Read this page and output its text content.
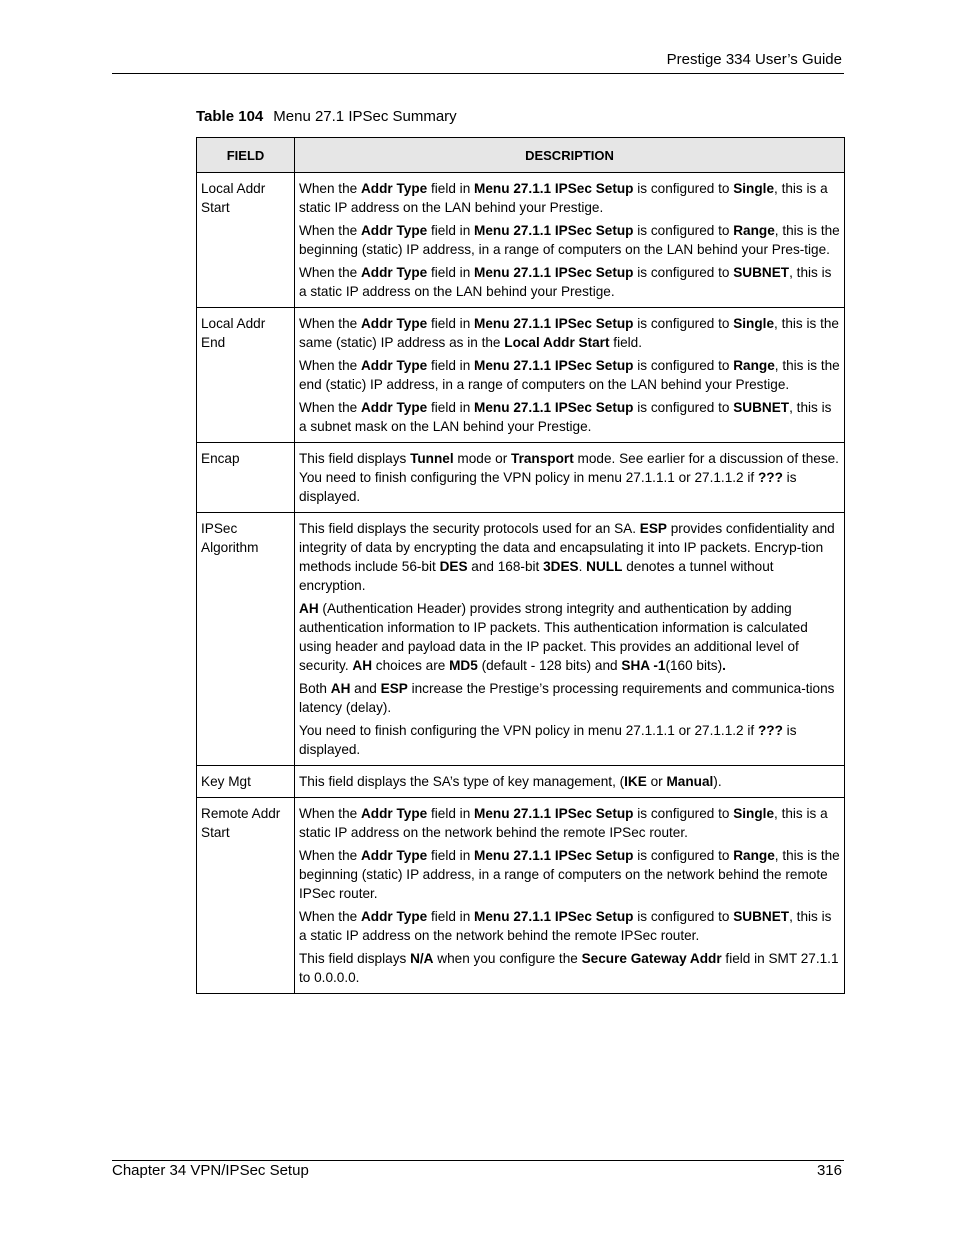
Prestige 334 User’s Guide
Table 104 Menu 27.1 IPSec Summary
FIELD	DESCRIPTION
Local Addr Start	When the Addr Type field in Menu 27.1.1 IPSec Setup is configured to Single, this is a static IP address on the LAN behind your Prestige.

When the Addr Type field in Menu 27.1.1 IPSec Setup is configured to Range, this is the beginning (static) IP address, in a range of computers on the LAN behind your Pres-tige.

When the Addr Type field in Menu 27.1.1 IPSec Setup is configured to SUBNET, this is a static IP address on the LAN behind your Prestige.

Local Addr End	When the Addr Type field in Menu 27.1.1 IPSec Setup is configured to Single, this is the same (static) IP address as in the Local Addr Start field.

When the Addr Type field in Menu 27.1.1 IPSec Setup is configured to Range, this is the end (static) IP address, in a range of computers on the LAN behind your Prestige.

When the Addr Type field in Menu 27.1.1 IPSec Setup is configured to SUBNET, this is a subnet mask on the LAN behind your Prestige.

Encap	This field displays Tunnel mode or Transport mode. See earlier for a discussion of these. You need to finish configuring the VPN policy in menu 27.1.1.1 or 27.1.1.2 if ??? is displayed.

IPSec Algorithm	This field displays the security protocols used for an SA. ESP provides confidentiality and integrity of data by encrypting the data and encapsulating it into IP packets. Encryp-tion methods include 56-bit DES and 168-bit 3DES. NULL denotes a tunnel without encryption.

AH (Authentication Header) provides strong integrity and authentication by adding authentication information to IP packets. This authentication information is calculated using header and payload data in the IP packet. This provides an additional level of security. AH choices are MD5 (default - 128 bits) and SHA -1(160 bits).

Both AH and ESP increase the Prestige’s processing requirements and communica-tions latency (delay).

You need to finish configuring the VPN policy in menu 27.1.1.1 or 27.1.1.2 if ??? is displayed.

Key Mgt	This field displays the SA’s type of key management, (IKE or Manual).

Remote Addr Start	When the Addr Type field in Menu 27.1.1 IPSec Setup is configured to Single, this is a static IP address on the network behind the remote IPSec router.

When the Addr Type field in Menu 27.1.1 IPSec Setup is configured to Range, this is the beginning (static) IP address, in a range of computers on the network behind the remote IPSec router.

When the Addr Type field in Menu 27.1.1 IPSec Setup is configured to SUBNET, this is a static IP address on the network behind the remote IPSec router.

This field displays N/A when you configure the Secure Gateway Addr field in SMT 27.1.1 to 0.0.0.0.

Chapter 34 VPN/IPSec Setup	316
